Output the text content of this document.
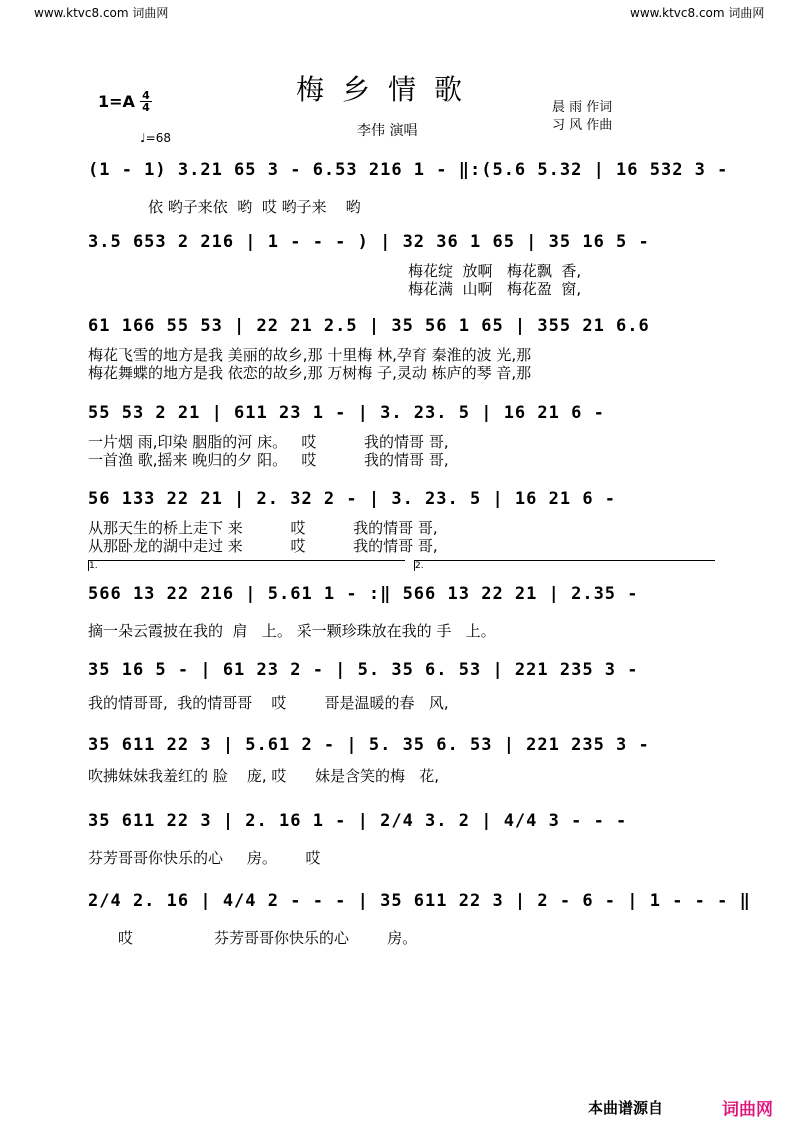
www.ktvc8.com 词曲网	www.ktvc8.com 词曲网
梅乡情歌
1=A 4
4
♩=68	李伟 演唱
晨 雨 作词
习 风 作曲
(1 - 1) 3.21 65 3 - 6.53 216 1 - ‖:(5.6 5.32 | 16 532 3 -
依 哟子来依  哟  哎 哟子来    哟
3.5 653 2 216 | 1 - - - ) | 32 36 1 65 | 35 16 5 -
梅花绽  放啊   梅花飘  香,
梅花满  山啊   梅花盈  窗,
61 166 55 53 | 22 21 2.5 | 35 56 1 65 | 355 21 6.6
梅花飞雪的地方是我 美丽的故乡,那 十里梅 林,孕育 秦淮的波 光,那
梅花舞蝶的地方是我 依恋的故乡,那 万树梅 子,灵动 栋庐的琴 音,那
55 53 2 21 | 611 23 1 - | 3. 23. 5 | 16 21 6 -
一片烟 雨,印染 胭脂的河 床。   哎          我的情哥 哥,
一首渔 歌,摇来 晚归的夕 阳。   哎          我的情哥 哥,
56 133 22 21 | 2. 32 2 - | 3. 23. 5 | 16 21 6 -
从那天生的桥上走下 来          哎          我的情哥 哥,
从那卧龙的湖中走过 来          哎          我的情哥 哥,
1.	2.
566 13 22 216 | 5.61 1 - :‖ 566 13 22 21 | 2.35 -
摘一朵云霞披在我的  肩   上。 采一颗珍珠放在我的 手   上。
35 16 5 - | 61 23 2 - | 5. 35 6. 53 | 221 235 3 -
我的情哥哥,  我的情哥哥    哎        哥是温暖的春   风,
35 611 22 3 | 5.61 2 - | 5. 35 6. 53 | 221 235 3 -
吹拂妹妹我羞红的 脸    庞, 哎      妹是含笑的梅   花,
35 611 22 3 | 2. 16 1 - | 2/4 3. 2 | 4/4 3 - - -
芬芳哥哥你快乐的心     房。      哎
2/4 2. 16 | 4/4 2 - - - | 35 611 22 3 | 2 - 6 - | 1 - - - ‖
哎                 芬芳哥哥你快乐的心        房。
本曲谱源自	词曲网
